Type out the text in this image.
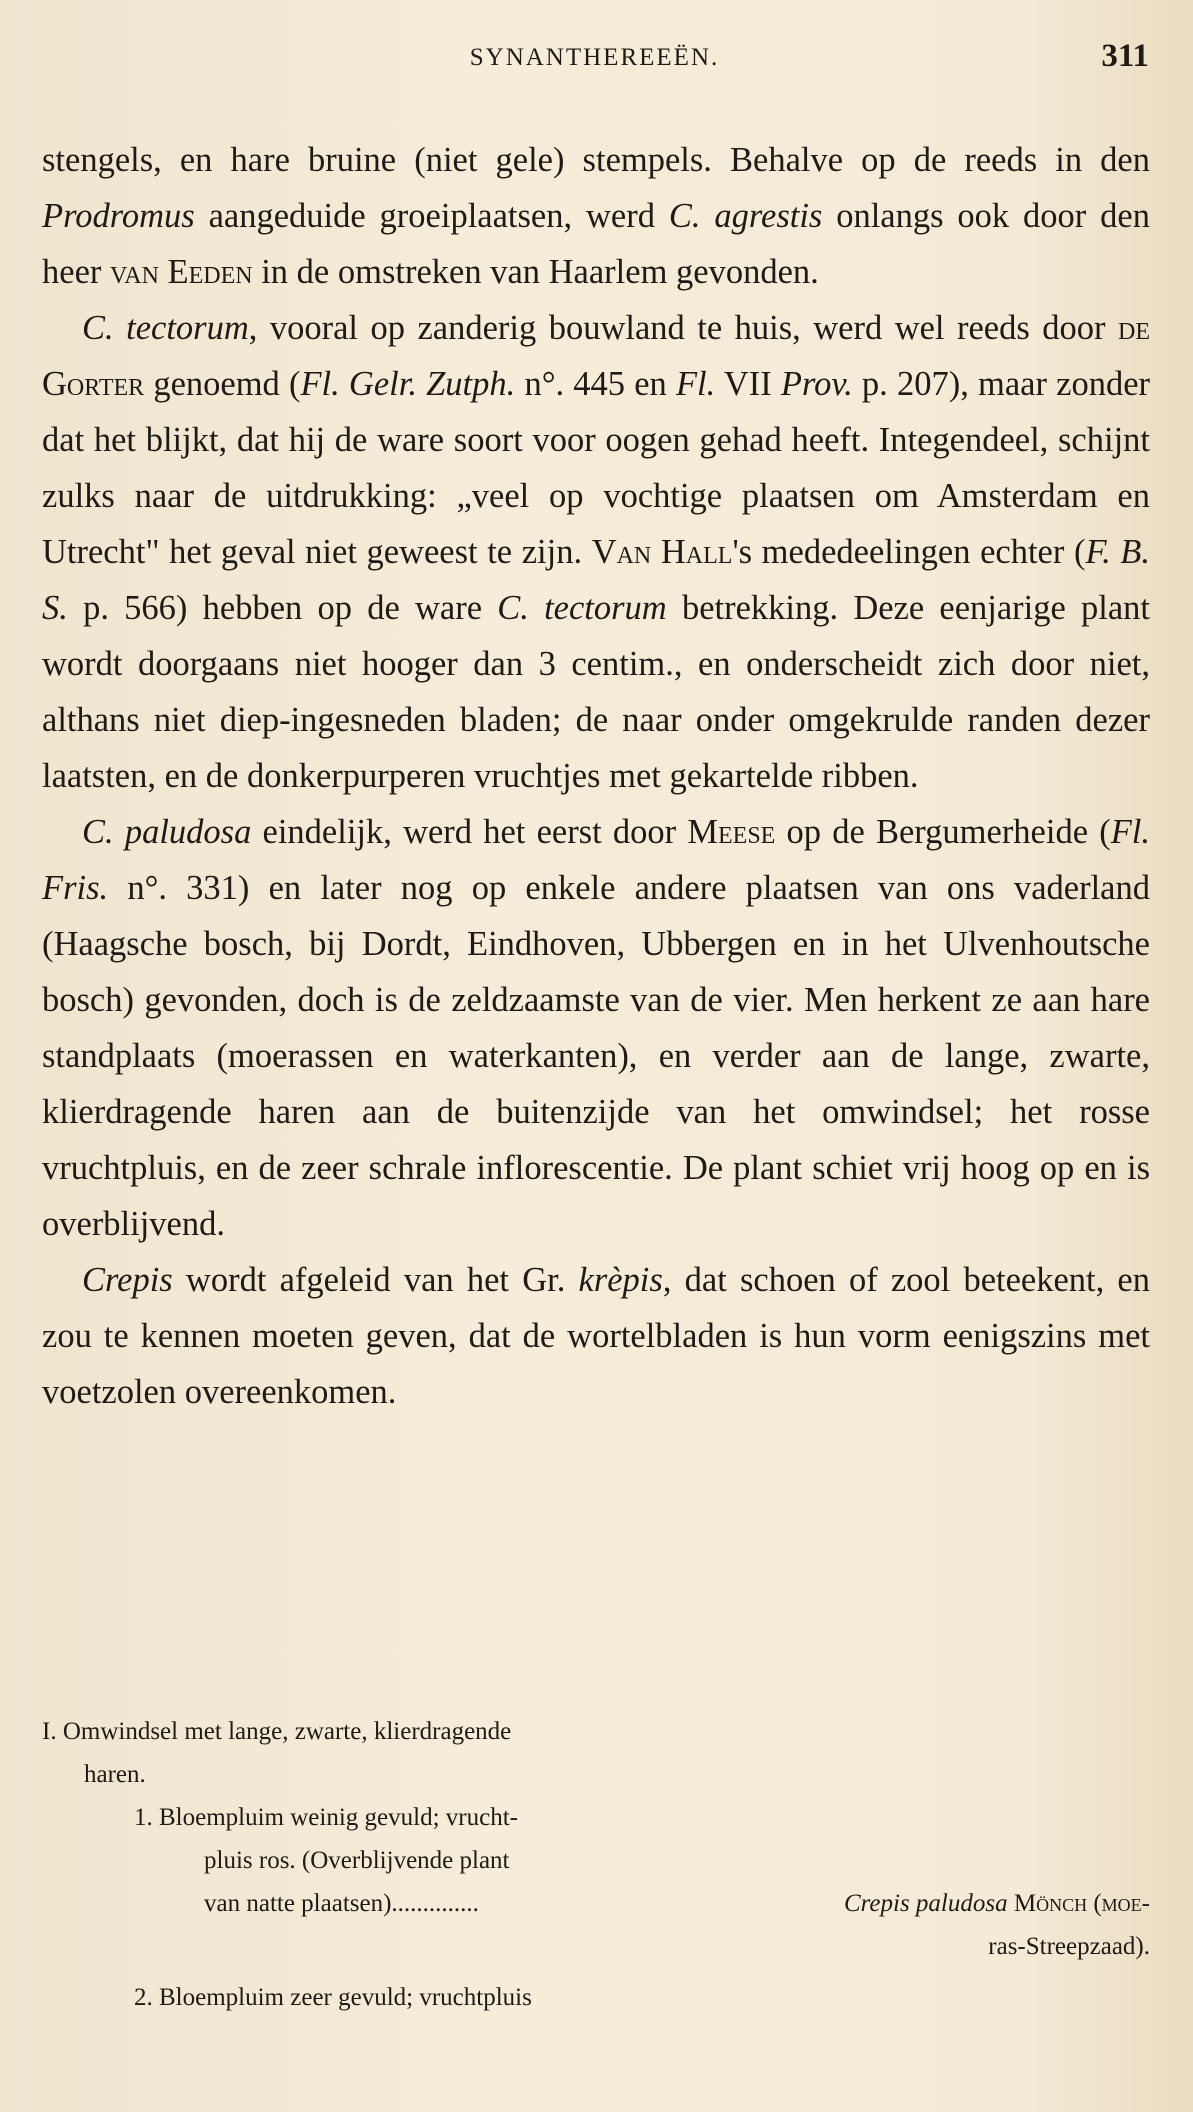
SYNANTHEREEËN.	311

stengels, en hare bruine (niet gele) stempels. Behalve op de reeds in den Prodromus aangeduide groeiplaatsen, werd C. agrestis onlangs ook door den heer van Eeden in de omstreken van Haarlem gevonden.

C. tectorum, vooral op zanderig bouwland te huis, werd wel reeds door de Gorter genoemd (Fl. Gelr. Zutph. n°. 445 en Fl. VII Prov. p. 207), maar zonder dat het blijkt, dat hij de ware soort voor oogen gehad heeft. Integendeel, schijnt zulks naar de uitdrukking: „veel op vochtige plaatsen om Amsterdam en Utrecht" het geval niet geweest te zijn. Van Hall's mededeelingen echter (F. B. S. p. 566) hebben op de ware C. tectorum betrekking. Deze eenjarige plant wordt doorgaans niet hooger dan 3 centim., en onderscheidt zich door niet, althans niet diep-ingesneden bladen; de naar onder omgekrulde randen dezer laatsten, en de donkerpurperen vruchtjes met gekartelde ribben.

C. paludosa eindelijk, werd het eerst door Meese op de Bergumerheide (Fl. Fris. n°. 331) en later nog op enkele andere plaatsen van ons vaderland (Haagsche bosch, bij Dordt, Eindhoven, Ubbergen en in het Ulvenhoutsche bosch) gevonden, doch is de zeldzaamste van de vier. Men herkent ze aan hare standplaats (moerassen en waterkanten), en verder aan de lange, zwarte, klierdragende haren aan de buitenzijde van het omwindsel; het rosse vruchtpluis, en de zeer schrale inflorescentie. De plant schiet vrij hoog op en is overblijvend.

Crepis wordt afgeleid van het Gr. krèpis, dat schoen of zool beteekent, en zou te kennen moeten geven, dat de wortelbladen is hun vorm eenigszins met voetzolen overeenkomen.

I. Omwindsel met lange, zwarte, klierdragende
haren.
1. Bloempluim weinig gevuld; vrucht-
pluis ros. (Overblijvende plant
van natte plaatsen)..............	Crepis paludosa Mönch (moe-
ras-Streepzaad).
2. Bloempluim zeer gevuld; vruchtpluis
